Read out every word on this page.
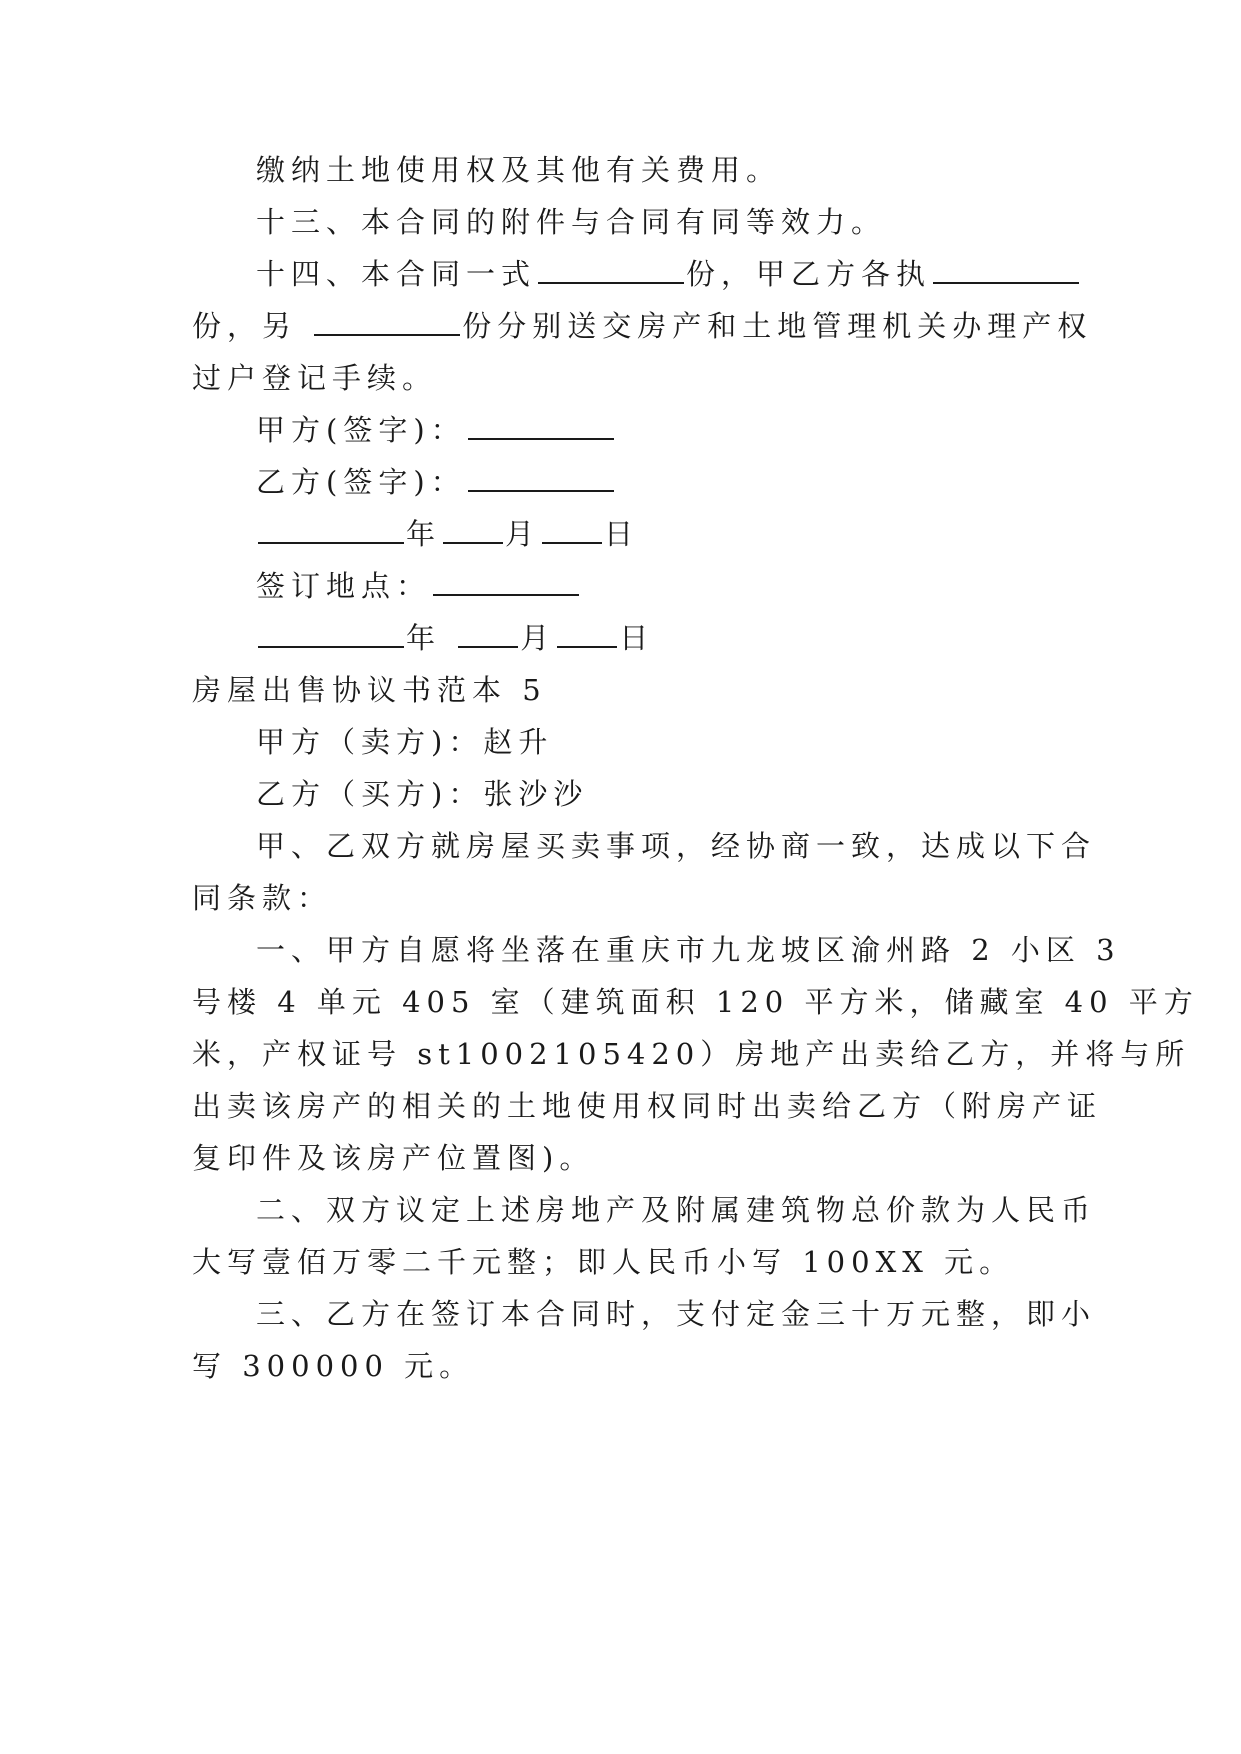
缴纳土地使用权及其他有关费用。
十三、本合同的附件与合同有同等效力。
十四、本合同一式	份，甲乙方各执
份，另	份分别送交房产和土地管理机关办理产权
过户登记手续。
甲方(签字)：
乙方(签字)：
年 月 日
签订地点：
年 月 日
房屋出售协议书范本 5
甲方（卖方)：赵升
乙方（买方)：张沙沙
甲、乙双方就房屋买卖事项，经协商一致，达成以下合
同条款：
一、甲方自愿将坐落在重庆市九龙坡区渝州路 2 小区 3
号楼 4 单元 405 室（建筑面积 120 平方米，储藏室 40 平方
米，产权证号 st1002105420）房地产出卖给乙方，并将与所
出卖该房产的相关的土地使用权同时出卖给乙方（附房产证
复印件及该房产位置图)。
二、双方议定上述房地产及附属建筑物总价款为人民币
大写壹佰万零二千元整；即人民币小写 100XX 元。
三、乙方在签订本合同时，支付定金三十万元整，即小
写 300000 元。
